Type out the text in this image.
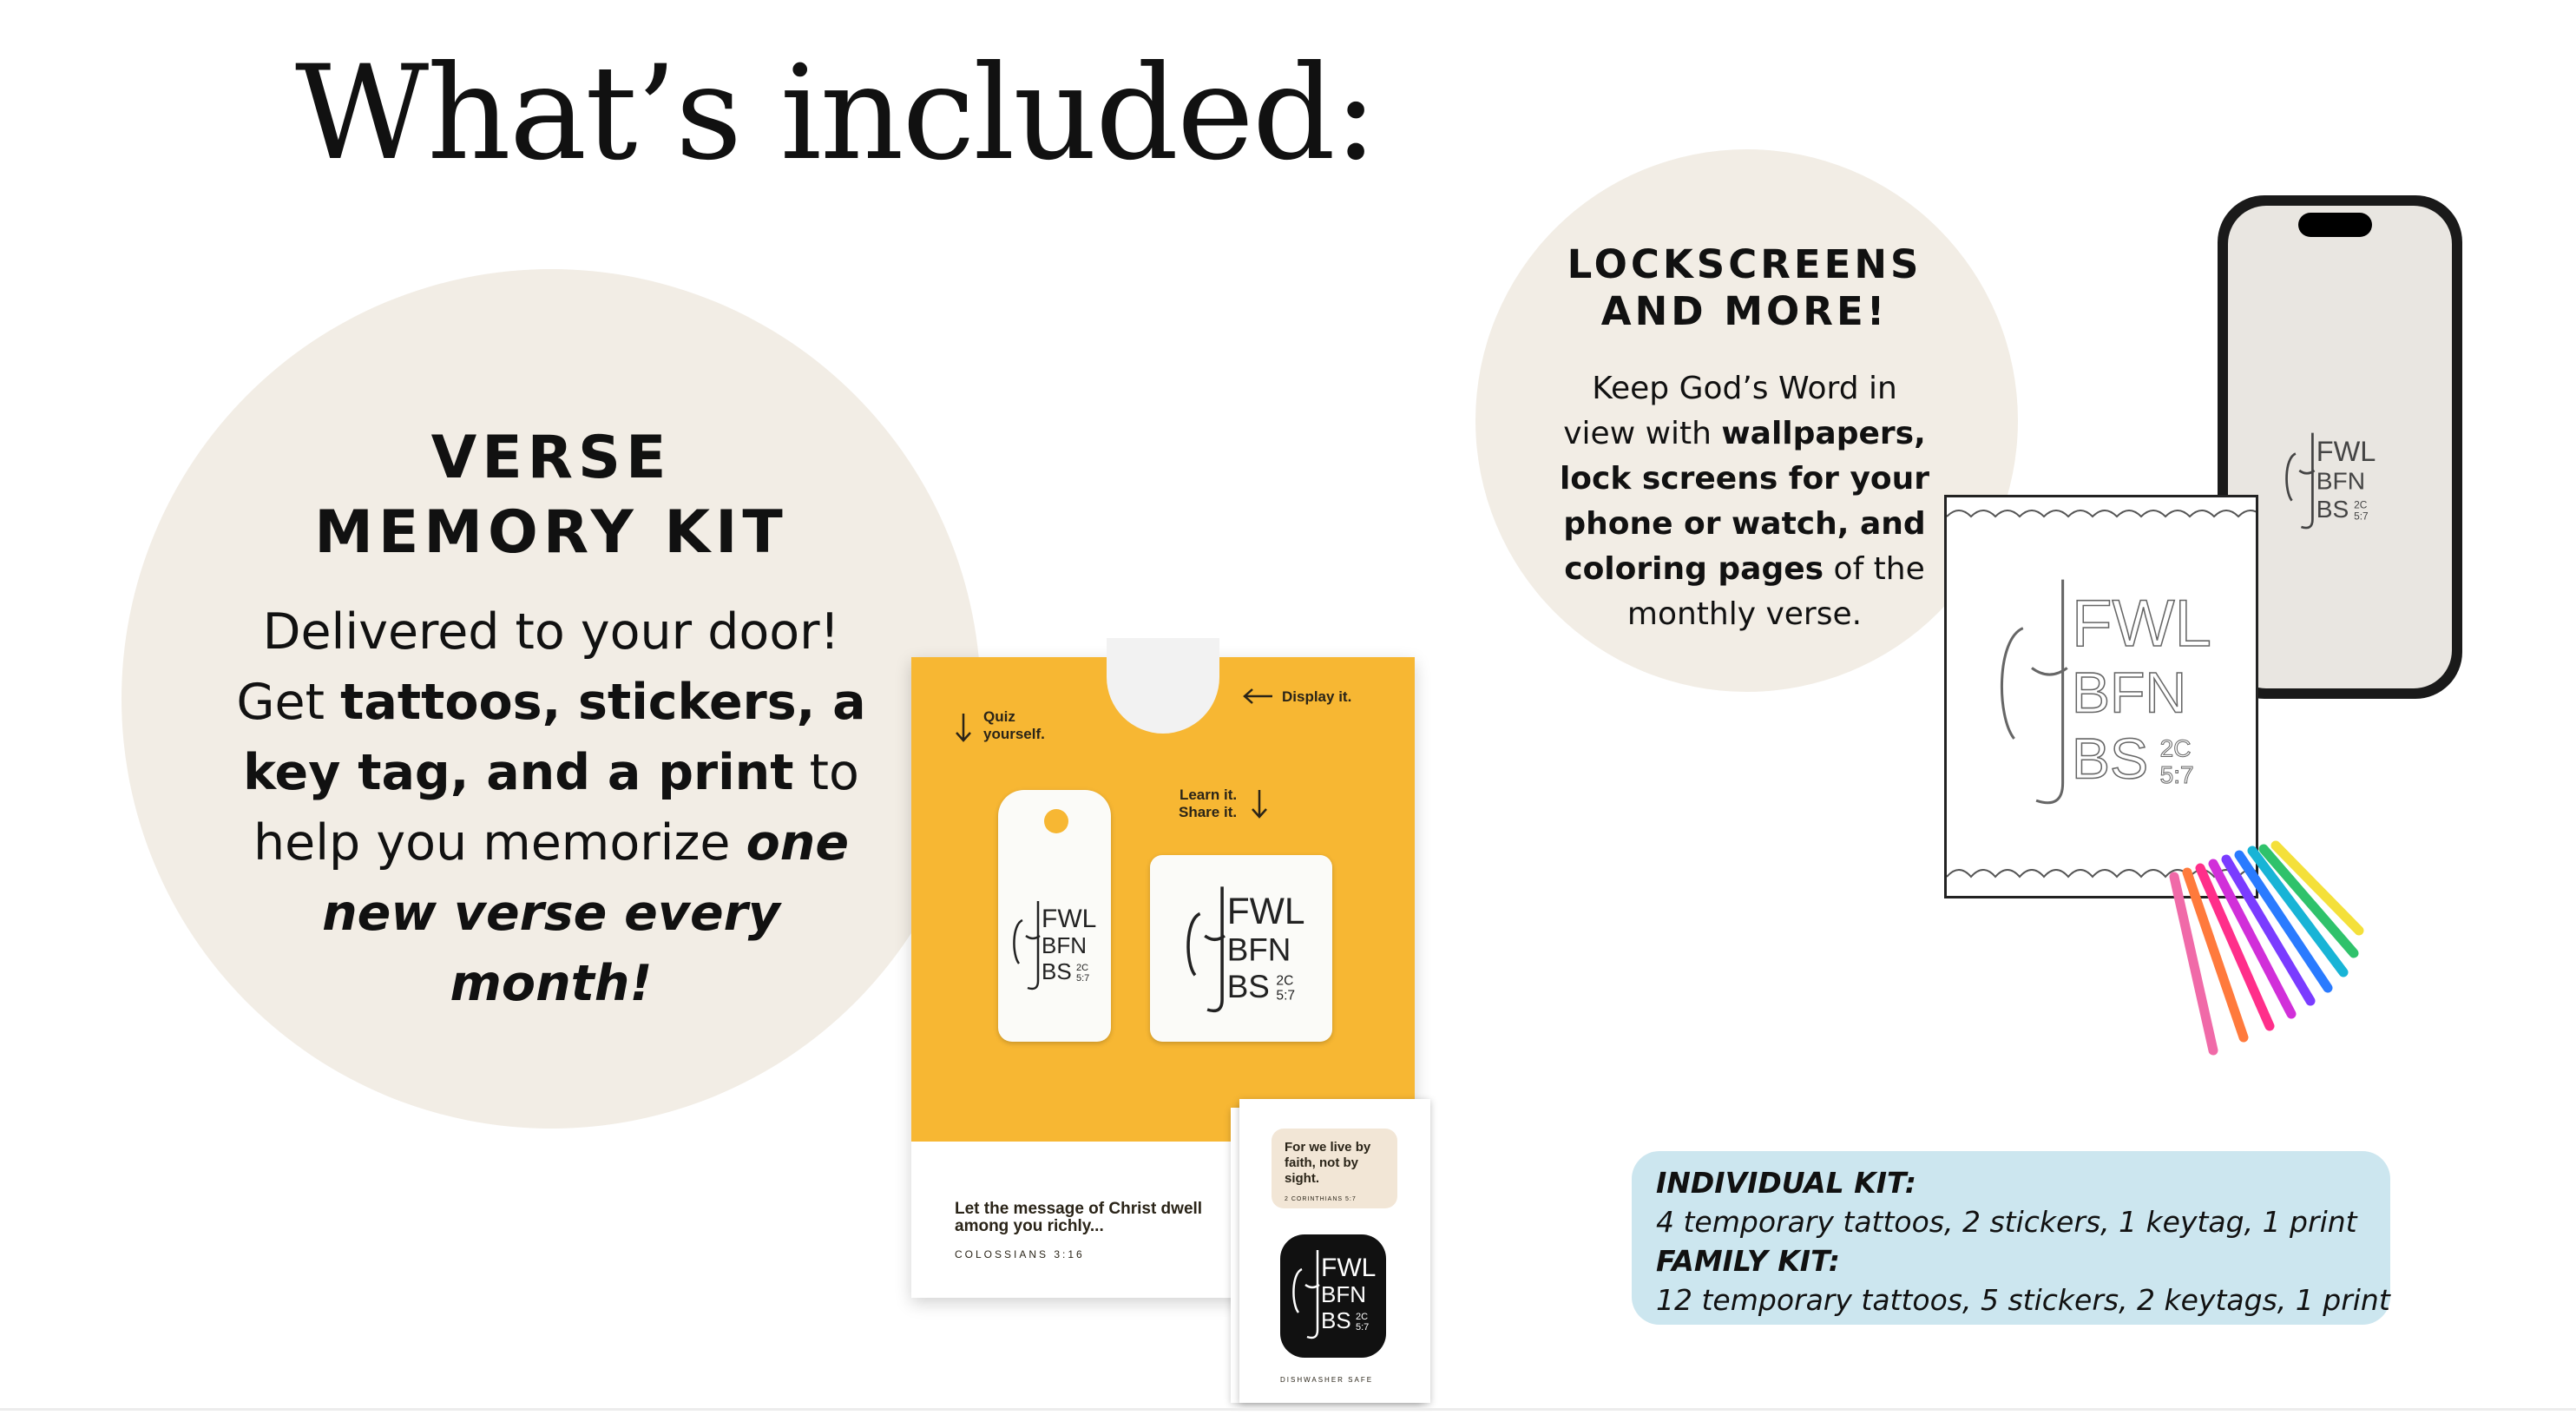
What’s included:
VERSE
MEMORY KIT
Delivered to your door!
Get tattoos, stickers, a
key tag, and a print to
help you memorize one
new verse every
month!
LOCKSCREENS
AND MORE!
Keep God’s Word in
view with wallpapers,
lock screens for your
phone or watch, and
coloring pages of the
monthly verse.
Quiz
yourself.
Display it.
Learn it.
Share it.
FWL
BFN
BS 2C
5:7
FWL
BFN
BS 2C
5:7
Let the message of Christ dwell among you richly...
COLOSSIANS 3:16
For we live by faith, not by sight.
2 CORINTHIANS 5:7
FWL
BFN
BS 2C
5:7
DISHWASHER SAFE
FWL
BFN
BS 2C
5:7
FWL
BFN
BS 2C
5:7
INDIVIDUAL KIT:
4 temporary tattoos, 2 stickers, 1 keytag, 1 print
FAMILY KIT:
12 temporary tattoos, 5 stickers, 2 keytags, 1 print
